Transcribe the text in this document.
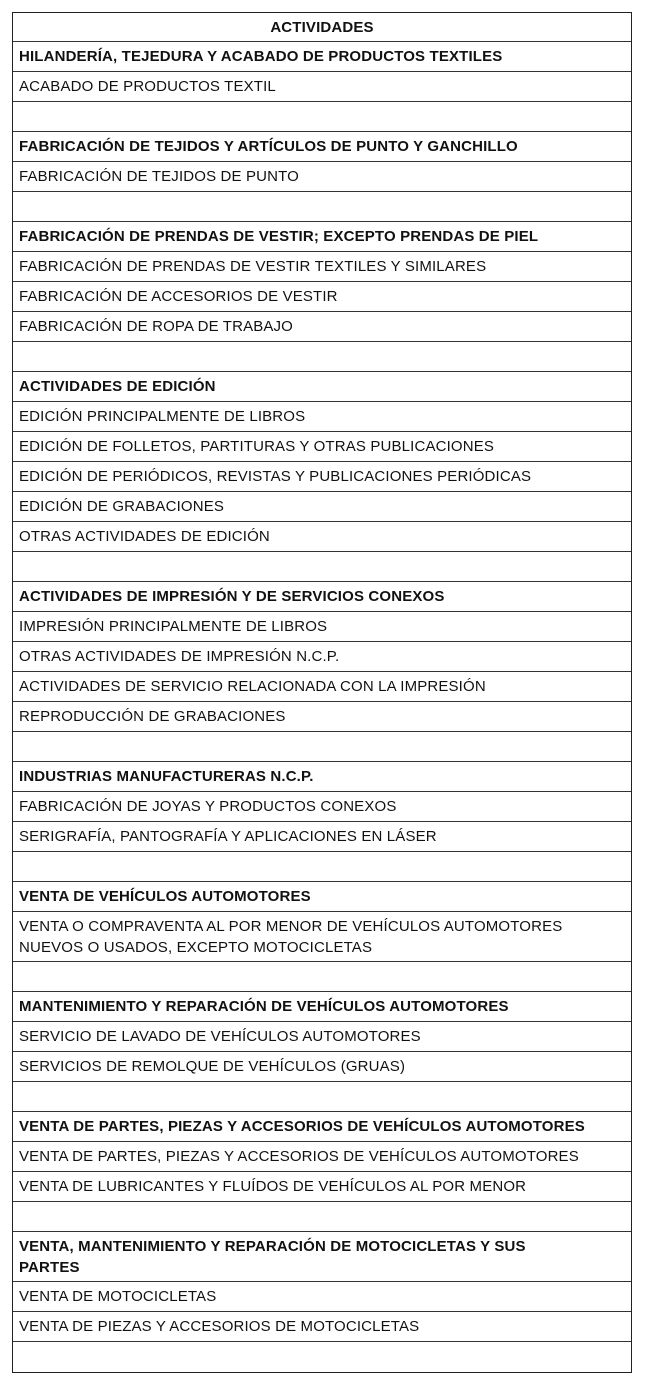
ACTIVIDADES
HILANDERÍA, TEJEDURA Y ACABADO DE PRODUCTOS TEXTILES
ACABADO DE PRODUCTOS TEXTIL
FABRICACIÓN DE TEJIDOS Y ARTÍCULOS DE PUNTO Y GANCHILLO
FABRICACIÓN DE TEJIDOS DE PUNTO
FABRICACIÓN DE PRENDAS DE VESTIR; EXCEPTO PRENDAS DE PIEL
FABRICACIÓN DE PRENDAS DE VESTIR TEXTILES Y SIMILARES
FABRICACIÓN DE ACCESORIOS DE VESTIR
FABRICACIÓN DE ROPA DE TRABAJO
ACTIVIDADES DE EDICIÓN
EDICIÓN PRINCIPALMENTE DE LIBROS
EDICIÓN DE FOLLETOS, PARTITURAS Y OTRAS PUBLICACIONES
EDICIÓN DE PERIÓDICOS, REVISTAS Y PUBLICACIONES PERIÓDICAS
EDICIÓN DE GRABACIONES
OTRAS ACTIVIDADES DE EDICIÓN
ACTIVIDADES DE IMPRESIÓN Y DE SERVICIOS CONEXOS
IMPRESIÓN PRINCIPALMENTE DE LIBROS
OTRAS ACTIVIDADES DE IMPRESIÓN N.C.P.
ACTIVIDADES DE SERVICIO RELACIONADA CON LA IMPRESIÓN
REPRODUCCIÓN DE GRABACIONES
INDUSTRIAS MANUFACTURERAS N.C.P.
FABRICACIÓN DE JOYAS Y PRODUCTOS CONEXOS
SERIGRAFÍA, PANTOGRAFÍA Y APLICACIONES EN LÁSER
VENTA DE VEHÍCULOS AUTOMOTORES
VENTA O COMPRAVENTA AL POR MENOR DE VEHÍCULOS AUTOMOTORES
NUEVOS O USADOS, EXCEPTO MOTOCICLETAS
MANTENIMIENTO Y REPARACIÓN DE VEHÍCULOS AUTOMOTORES
SERVICIO DE LAVADO DE VEHÍCULOS AUTOMOTORES
SERVICIOS DE REMOLQUE DE VEHÍCULOS (GRUAS)
VENTA DE PARTES, PIEZAS Y ACCESORIOS DE VEHÍCULOS AUTOMOTORES
VENTA DE PARTES, PIEZAS Y ACCESORIOS DE VEHÍCULOS AUTOMOTORES
VENTA DE LUBRICANTES Y FLUÍDOS DE VEHÍCULOS AL POR MENOR
VENTA, MANTENIMIENTO Y REPARACIÓN DE MOTOCICLETAS Y SUS
PARTES
VENTA DE MOTOCICLETAS
VENTA DE PIEZAS Y ACCESORIOS DE MOTOCICLETAS
